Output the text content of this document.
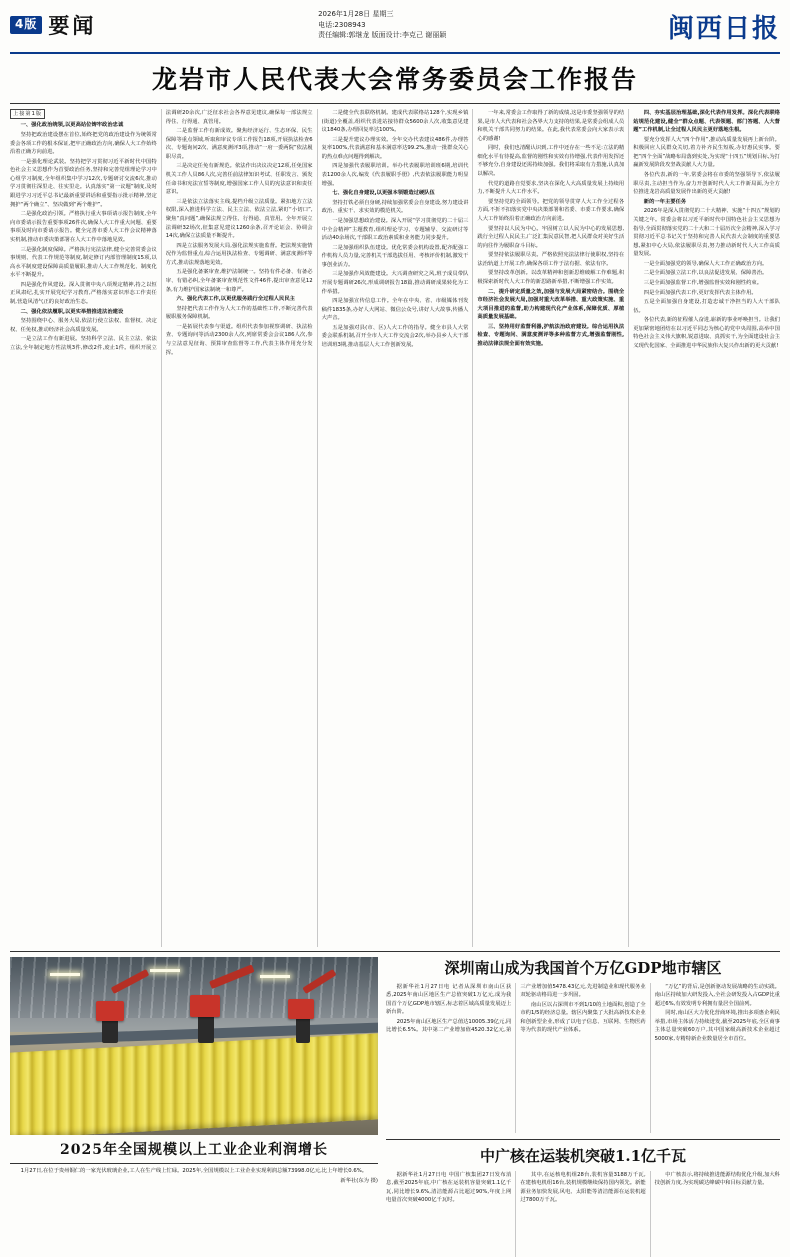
4版 要闻	2026年1月28日 星期三
电话:2308943
责任编辑:郭继龙 版面设计:李克己 谢丽颖	闽西日报
龙岩市人民代表大会常务委员会工作报告
上接第1版

一、强化政治统领,以更高站位铸牢政治忠诚

坚持把政治建设摆在首位,始终把党的政治建设作为统领常委会各项工作的根本保证,把牢正确政治方向,确保人大工作始终沿着正确方向前进。

一是强化理论武装。坚持把学习贯彻习近平新时代中国特色社会主义思想作为首要政治任务,坚持和完善党组理论学习中心组学习制度,全年组织集中学习12次,专题研讨交流6次,推动学习贯彻往深里走、往实里走。认真落实“第一议题”制度,及时跟进学习习近平总书记最新重要讲话和重要指示批示精神,坚定拥护“两个确立”、坚决做到“两个维护”。

二是强化政治引领。严格执行重大事项请示报告制度,全年向市委请示报告重要事项26件次,确保人大工作重大问题、重要事项及时向市委请示报告。健全完善市委人大工作会议精神落实机制,推动市委决策部署在人大工作中落地见效。

三是强化制度保障。严格执行宪法法律,健全完善常委会议事规则、代表工作规范等制度,制定修订内部管理制度15项,以高水平制度建设保障高质量履职,推动人大工作规范化、制度化水平不断提升。

四是强化作风建设。深入贯彻中央八项规定精神,持之以恒正风肃纪,扎实开展党纪学习教育,严格落实意识形态工作责任制,营造风清气正的良好政治生态。

二、强化依法履职,以更实举措推进法治建设

坚持围绕中心、服务大局,依法行使立法权、监督权、决定权、任免权,推动经济社会高质量发展。

一是立法工作有新进展。坚持科学立法、民主立法、依法立法,全年制定地方性法规3件,修改2件,废止1件。组织开展立法调研20余次,广泛征求社会各界意见建议,确保每一部法规立得住、行得通、真管用。

二是监督工作有新成效。聚焦经济运行、生态环保、民生保障等重点领域,听取和审议专项工作报告18项,开展执法检查6次、专题询问2次、满意度测评3项,推动“一府一委两院”依法履职尽责。

三是决定任免有新规范。依法作出决议决定12项,任免国家机关工作人员86人次,完善任前法律知识考试、任职发言、颁发任命书和宪法宣誓等制度,增强国家工作人员的宪法意识和责任意识。

三是依法立法落实主线,提档升级立法质量。紧扣地方立法权限,深入推进科学立法、民主立法、依法立法,紧盯“小切口”,聚焦“真问题”,确保法规立得住、行得通、真管用。全年开展立法调研32场次,征集意见建议1260余条,召开论证会、协调会14次,确保立法质量不断提升。

四是立法服务发展大局,强化法规实施监督。把法规实施情况作为监督重点,综合运用执法检查、专题调研、满意度测评等方式,推动法规落地见效。

五是强化备案审查,维护法制统一。坚持有件必备、有备必审、有错必纠,全年备案审查规范性文件46件,提出审查意见12条,有力维护国家法制统一和尊严。

六、强化代表工作,以更优服务践行全过程人民民主

坚持把代表工作作为人大工作的基础性工作,不断完善代表履职服务保障机制。

一是拓展代表参与渠道。组织代表参加视察调研、执法检查、专题询问等活动2300余人次,列席常委会会议186人次,参与立法意见征询、预算审查监督等工作,代表主体作用充分发挥。

二是健全代表联络机制。建成代表联络站128个,实现乡镇(街道)全覆盖,组织代表进站接待群众5600余人次,收集意见建议1840条,办理回复率达100%。

三是提升建议办理实效。全年交办代表建议486件,办理答复率100%,代表满意和基本满意率达99.2%,推动一批群众关心的热点难点问题得到解决。

四是加强代表履职培训。举办代表履职培训班6期,培训代表1200余人次,编发《代表履职手册》,代表依法履职能力明显增强。

七、强化自身建设,以更强本领锻造过硬队伍

坚持打铁必须自身硬,持续加强常委会自身建设,努力建设讲政治、重实干、求实效的模范机关。

一是加强思想政治建设。深入开展“学习贯彻党的二十届三中全会精神”主题教育,组织理论学习、专题辅导、交流研讨等活动40余场次,干部职工政治素质和业务能力同步提升。

二是加强组织队伍建设。优化常委会机构设置,配齐配强工作机构人员力量,完善机关干部选拔任用、考核评价机制,激发干事创业活力。

三是加强作风效能建设。大兴调查研究之风,班子成员带队开展专题调研26次,形成调研报告18篇,推动调研成果转化为工作举措。

四是加强宣传信息工作。全年在中央、省、市级媒体刊发稿件1835条,办好人大网站、微信公众号,讲好人大故事,传播人大声音。

五是加强对县(市、区)人大工作的指导。健全市县人大常委会联系机制,召开全市人大工作交流会2次,举办县乡人大干部培训班3期,推动基层人大工作创新发展。

一年来,常委会工作取得了新的成绩,这是市委坚强领导的结果,是市人大代表和社会各界大力支持的结果,是常委会组成人员和机关干部共同努力的结果。在此,我代表常委会向大家表示衷心的感谢!

同时，我们也清醒认识到,工作中还存在一些不足:立法的精细化水平有待提高,监督的刚性和实效有待增强,代表作用发挥还不够充分,自身建设还需持续加强。我们将采取有力措施,认真加以解决。

代党的道路自觉要求,坚决在深化人大高质量发展上持续用力,不断提升人大工作水平。

要坚持党的全面领导。把党的领导贯穿人大工作全过程各方面,不折不扣落实党中央决策部署和省委、市委工作要求,确保人大工作始终沿着正确政治方向前进。

要坚持以人民为中心。牢固树立以人民为中心的发展思想,践行全过程人民民主,广泛汇集民意民智,把人民群众对美好生活的向往作为履职奋斗目标。

要坚持依法履职尽责。严格依照宪法法律行使职权,坚持在法治轨道上开展工作,确保各项工作于法有据、依法有序。

要坚持改革创新。以改革精神和创新思维破解工作难题,积极探索新时代人大工作的新思路新举措,不断增强工作实效。

二、提升研定质量之效,加强与发展大局紧密结合。围绕全市经济社会发展大局,加强对重大改革举措、重大政策实施、重大项目推进的监督,助力构建现代化产业体系,保障优质、厚植高质量发展基础。

三、坚持用好监督利器,护航法治政府建设。综合运用执法检查、专题询问、满意度测评等多种监督方式,增强监督刚性,推动法律法规全面有效实施。

四、夯实基层治理基础,深化代表作用发挥。深化代表联络站规范化建设,健全“群众点题、代表领题、部门答题、人大督题”工作机制,让全过程人民民主更好落地生根。

要充分发挥人大“四个作用”,推动高质量发展再上新台阶。积极回应人民群众关切,着力补齐民生短板,办好惠民实事。要把“四个全面”战略布局落到实处,为实现“十四五”规划目标,为打赢新发展阶段攻坚战贡献人大力量。

各位代表,新的一年,常委会将在市委的坚强领导下,依法履职尽责,主动担当作为,奋力开创新时代人大工作新局面,为全方位推进龙岩高质量发展作出新的更大贡献!

新的一年主要任务

2026年是深入贯彻党的二十大精神、实施“十四五”规划的关键之年。常委会将以习近平新时代中国特色社会主义思想为指导,全面贯彻落实党的二十大和二十届历次全会精神,深入学习贯彻习近平总书记关于坚持和完善人民代表大会制度的重要思想,紧扣中心大局,依法履职尽责,努力推动新时代人大工作高质量发展。

一是全面加强党的领导,确保人大工作正确政治方向。

二是全面加强立法工作,以良法促进发展、保障善治。

三是全面加强监督工作,增强监督实效和刚性约束。

四是全面加强代表工作,更好发挥代表主体作用。

五是全面加强自身建设,打造忠诚干净担当的人大干部队伍。

各位代表,新的征程催人奋进,崭新的事业呼唤担当。让我们更加紧密地团结在以习近平同志为核心的党中央周围,高举中国特色社会主义伟大旗帜,锐意进取、真抓实干,为全面建设社会主义现代化国家、全面推进中华民族伟大复兴作出新的更大贡献!

2025年全国规模以上工业企业利润增长

1月27日,在位于贵州铜仁的一家光伏玻璃企业,工人在生产线上忙碌。2025年,全国规模以上工业企业实现利润总额73998.0亿元,比上年增长0.6%。

新华社(东为 摄)
深圳南山成为我国首个万亿GDP地市辖区

据新华社1月27日电 记者从深圳市南山区获悉,2025年南山区地区生产总值突破1万亿元,成为我国首个万亿GDP地市辖区,标志着区域高质量发展迈上新台阶。

2025年南山区地区生产总值达10005.39亿元,同比增长6.5%。其中第二产业增加值4520.32亿元,第三产业增加值5478.43亿元,先进制造业和现代服务业双轮驱动格局进一步巩固。

南山区以占深圳市不到1/10的土地面积,创造了全市约1/5的经济总量。辖区内聚集了大批高新技术企业和创新型企业,形成了以电子信息、互联网、生物医药等为代表的现代产业体系。

“万亿”的背后,是创新驱动发展战略的生动实践。南山区持续加大研发投入,全社会研发投入占GDP比重超过6%,有效发明专利拥有量居全国前列。

同时,南山区大力优化营商环境,推出多项惠企利民举措,市场主体活力持续迸发,截至2025年底,全区商事主体总量突破60万户,其中国家级高新技术企业超过5000家,专精特新企业数量居全市首位。

中广核在运装机突破1.1亿千瓦

据新华社1月27日电 中国广核集团27日发布消息,截至2025年底,中广核在运装机容量突破1.1亿千瓦,同比增长9.6%,清洁能源占比超过90%,年度上网电量首次突破4000亿千瓦时。

其中,在运核电机组28台,装机容量3188万千瓦,在建核电机组16台,装机规模继续保持国内领先。新能源业务加快发展,风电、太阳能等清洁能源在运装机超过7800万千瓦。

中广核表示,将持续推进能源结构优化升级,加大科技创新力度,为实现碳达峰碳中和目标贡献力量。
